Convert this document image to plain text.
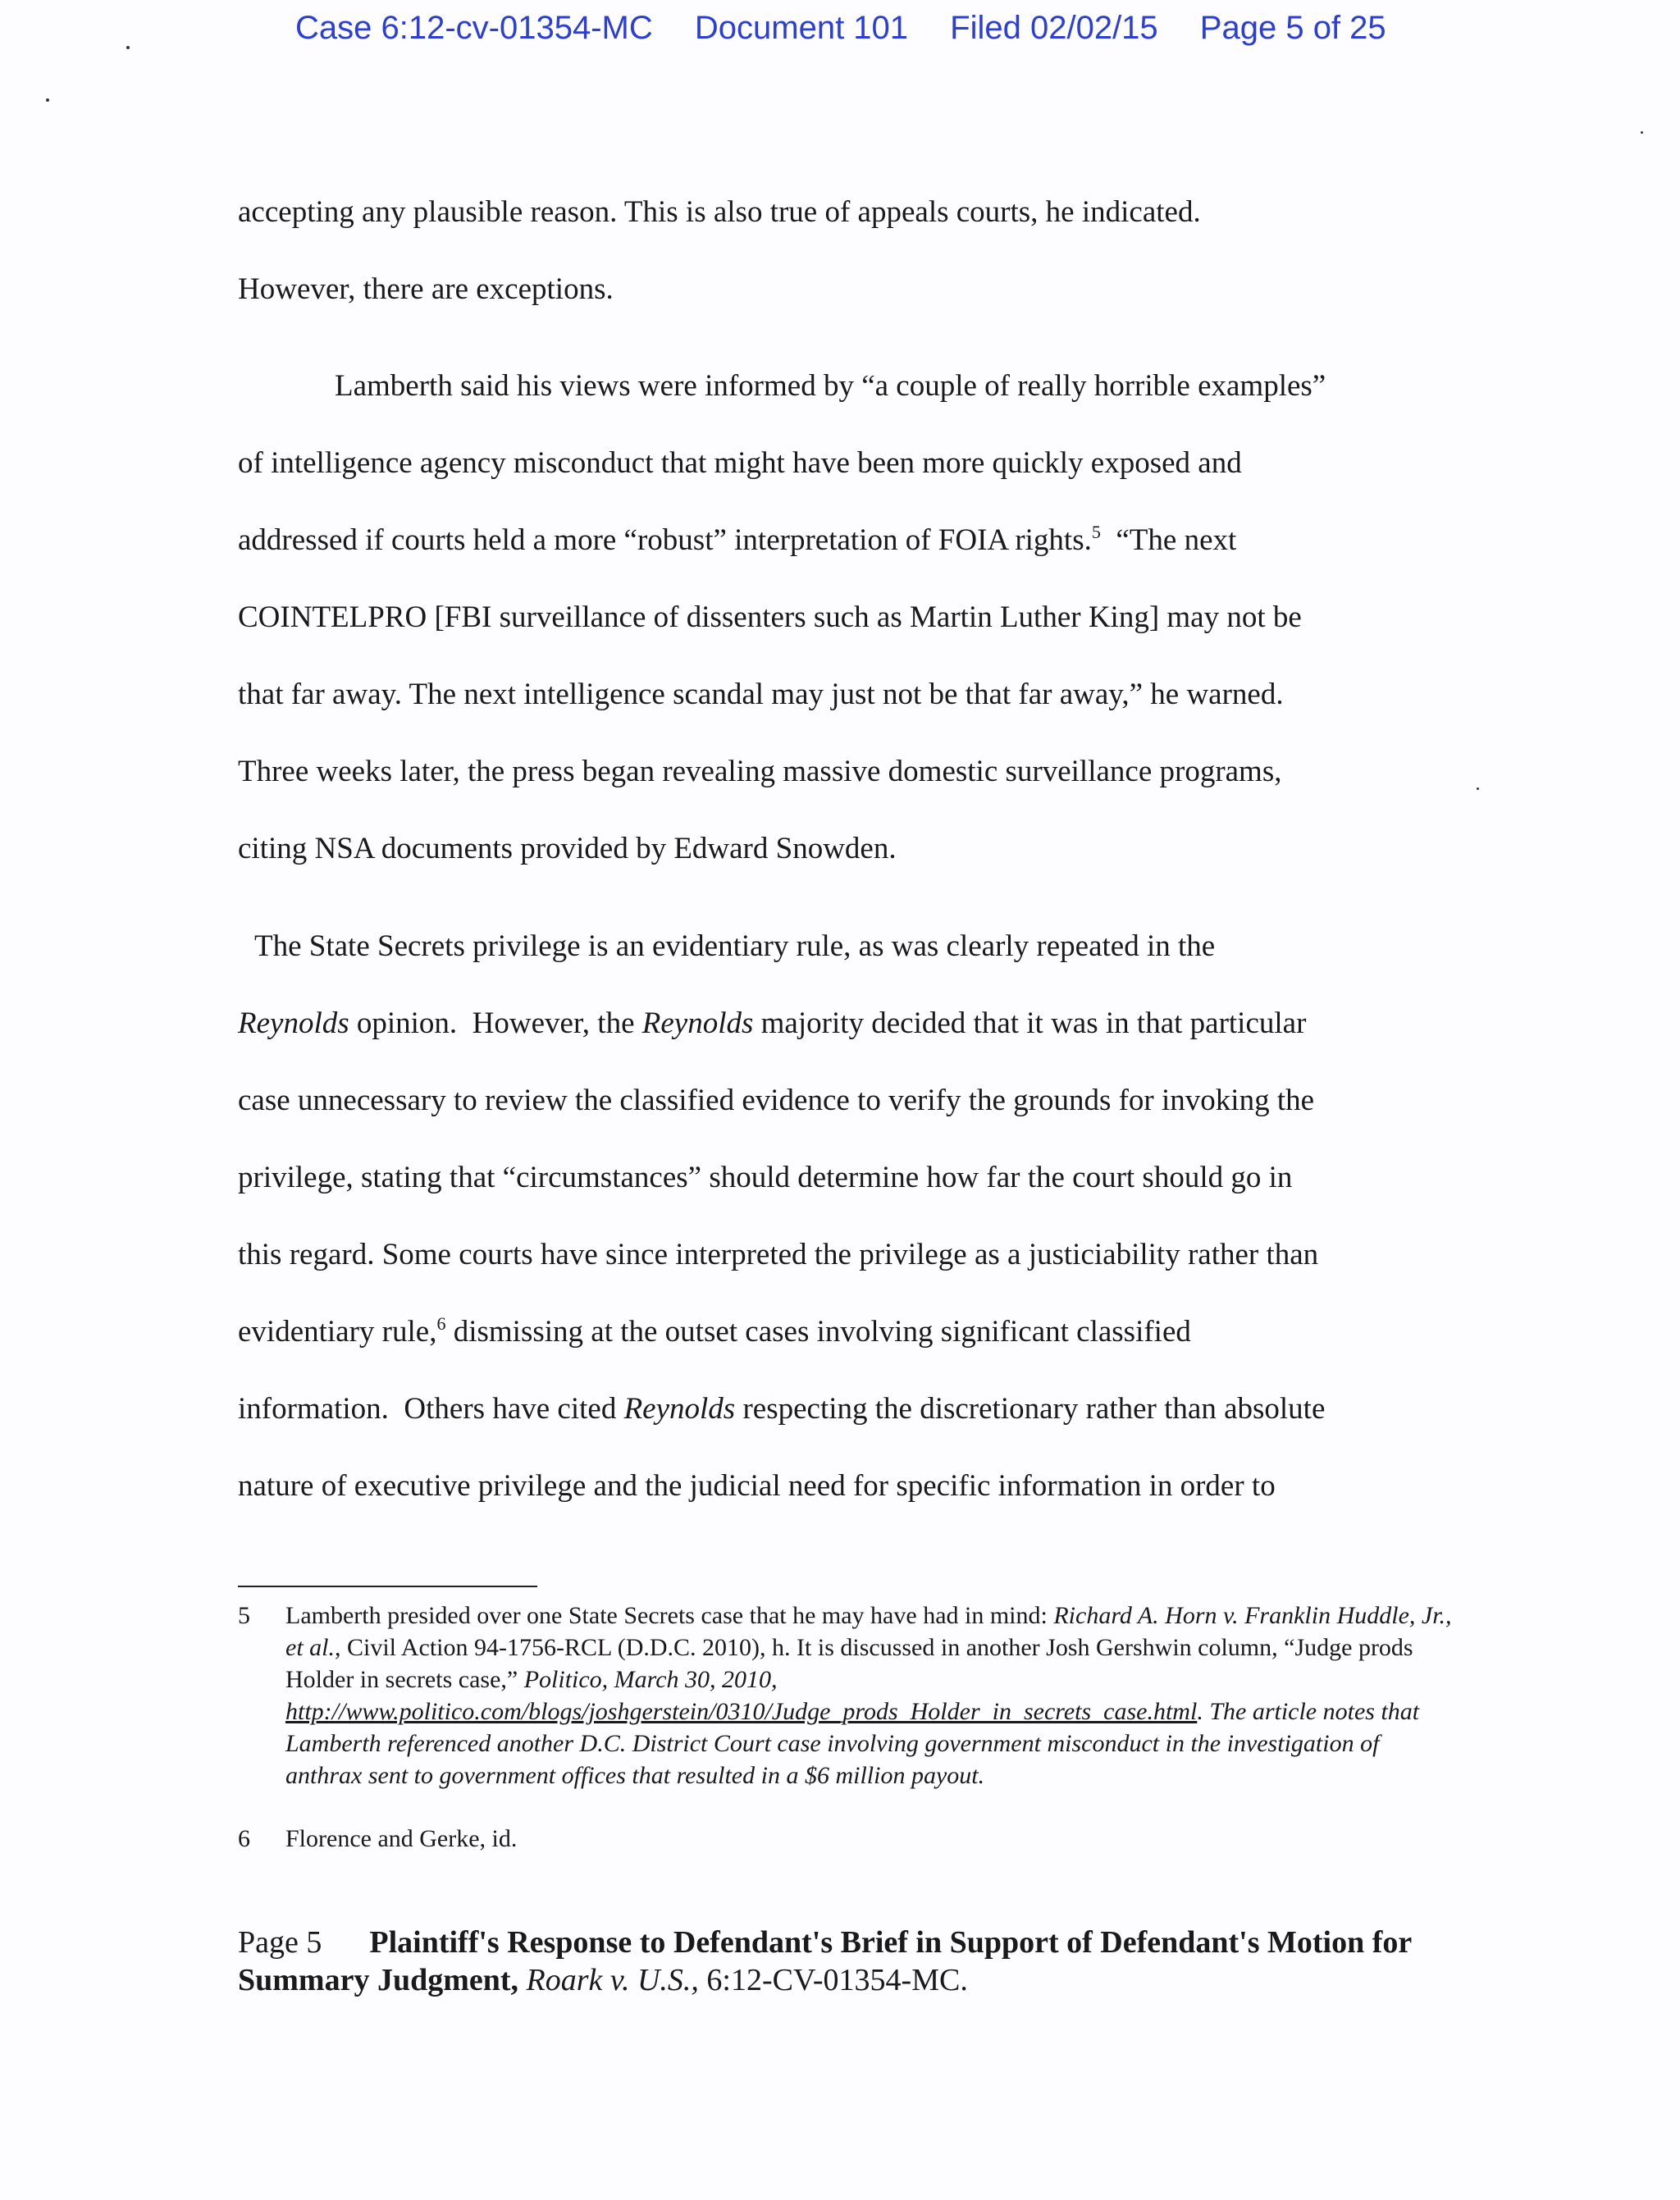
Case 6:12-cv-01354-MC Document 101 Filed 02/02/15 Page 5 of 25
accepting any plausible reason. This is also true of appeals courts, he indicated.
However, there are exceptions.
Lamberth said his views were informed by “a couple of really horrible examples”
of intelligence agency misconduct that might have been more quickly exposed and
addressed if courts held a more “robust” interpretation of FOIA rights.$^5$  “The next
COINTELPRO [FBI surveillance of dissenters such as Martin Luther King] may not be
that far away. The next intelligence scandal may just not be that far away,” he warned.
Three weeks later, the press began revealing massive domestic surveillance programs,
citing NSA documents provided by Edward Snowden.
The State Secrets privilege is an evidentiary rule, as was clearly repeated in the
Reynolds opinion.  However, the Reynolds majority decided that it was in that particular
case unnecessary to review the classified evidence to verify the grounds for invoking the
privilege, stating that “circumstances” should determine how far the court should go in
this regard. Some courts have since interpreted the privilege as a justiciability rather than
evidentiary rule,$^6$ dismissing at the outset cases involving significant classified
information.  Others have cited Reynolds respecting the discretionary rather than absolute
nature of executive privilege and the judicial need for specific information in order to
5	Lamberth presided over one State Secrets case that he may have had in mind: Richard A. Horn v. Franklin Huddle, Jr., et al., Civil Action 94-1756-RCL (D.D.C. 2010), h. It is discussed in another Josh Gershwin column, “Judge prods Holder in secrets case,” Politico, March 30, 2010, http://www.politico.com/blogs/joshgerstein/0310/Judge_prods_Holder_in_secrets_case.html. The article notes that Lamberth referenced another D.C. District Court case involving government misconduct in the investigation of anthrax sent to government offices that resulted in a $6 million payout.
6	Florence and Gerke, id.
Page 5 Plaintiff's Response to Defendant's Brief in Support of Defendant's Motion for Summary Judgment, Roark v. U.S., 6:12-CV-01354-MC.
